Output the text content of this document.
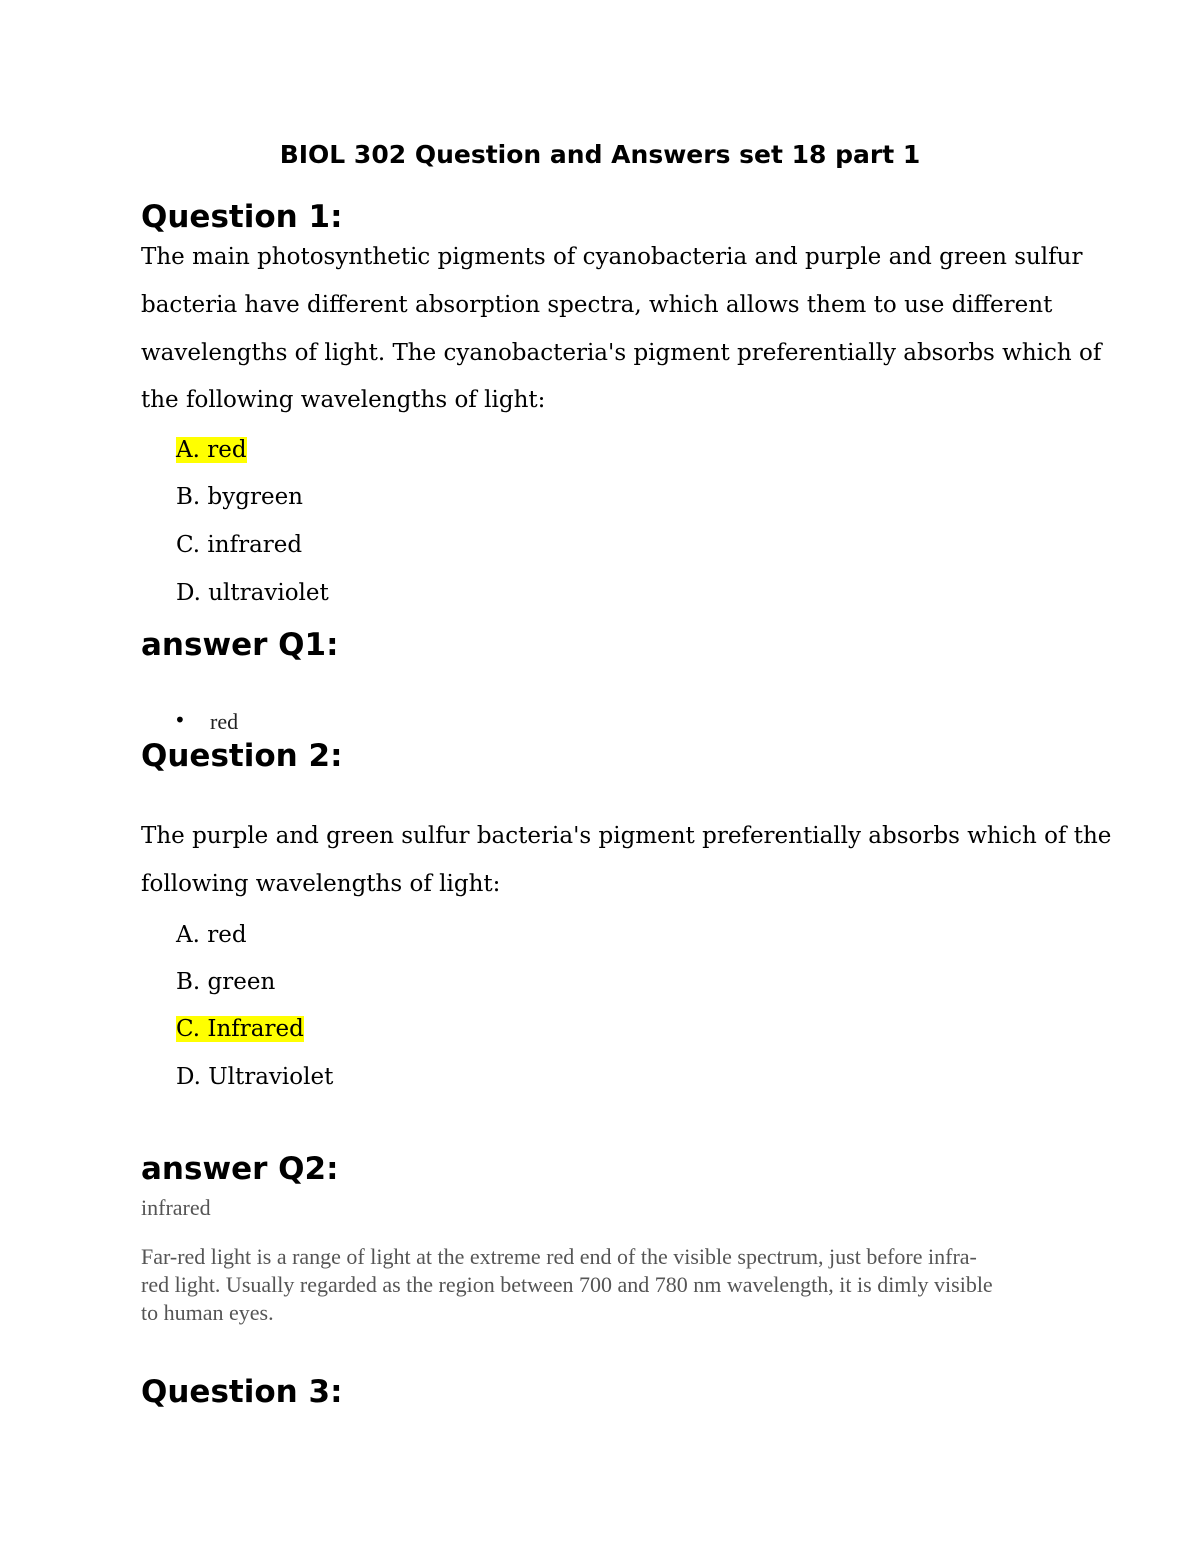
BIOL 302 Question and Answers set 18 part 1
Question 1:
The main photosynthetic pigments of cyanobacteria and purple and green sulfur
bacteria have different absorption spectra, which allows them to use different
wavelengths of light. The cyanobacteria's pigment preferentially absorbs which of
the following wavelengths of light:
A. red
B. bygreen
C. infrared
D. ultraviolet
answer Q1:
• red
Question 2:
The purple and green sulfur bacteria's pigment preferentially absorbs which of the
following wavelengths of light:
A. red
B. green
C. Infrared
D. Ultraviolet
answer Q2:
infrared
Far-red light is a range of light at the extreme red end of the visible spectrum, just before infra-
red light. Usually regarded as the region between 700 and 780 nm wavelength, it is dimly visible
to human eyes.
Question 3:
